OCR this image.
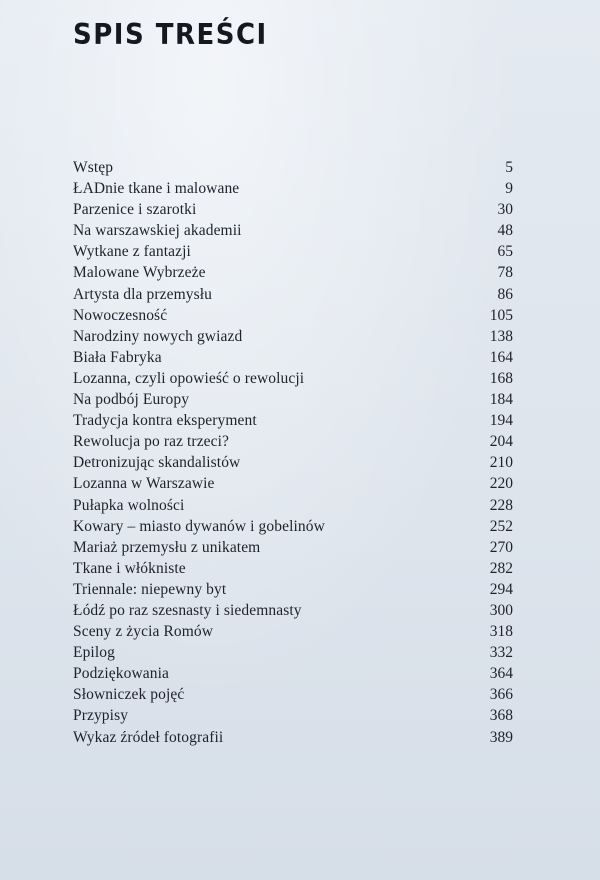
SPIS TREŚCI
Wstęp	5
ŁADnie tkane i malowane	9
Parzenice i szarotki	30
Na warszawskiej akademii	48
Wytkane z fantazji	65
Malowane Wybrzeże	78
Artysta dla przemysłu	86
Nowoczesność	105
Narodziny nowych gwiazd	138
Biała Fabryka	164
Lozanna, czyli opowieść o rewolucji	168
Na podbój Europy	184
Tradycja kontra eksperyment	194
Rewolucja po raz trzeci?	204
Detronizując skandalistów	210
Lozanna w Warszawie	220
Pułapka wolności	228
Kowary – miasto dywanów i gobelinów	252
Mariaż przemysłu z unikatem	270
Tkane i włókniste	282
Triennale: niepewny byt	294
Łódź po raz szesnasty i siedemnasty	300
Sceny z życia Romów	318
Epilog	332
Podziękowania	364
Słowniczek pojęć	366
Przypisy	368
Wykaz źródeł fotografii	389
